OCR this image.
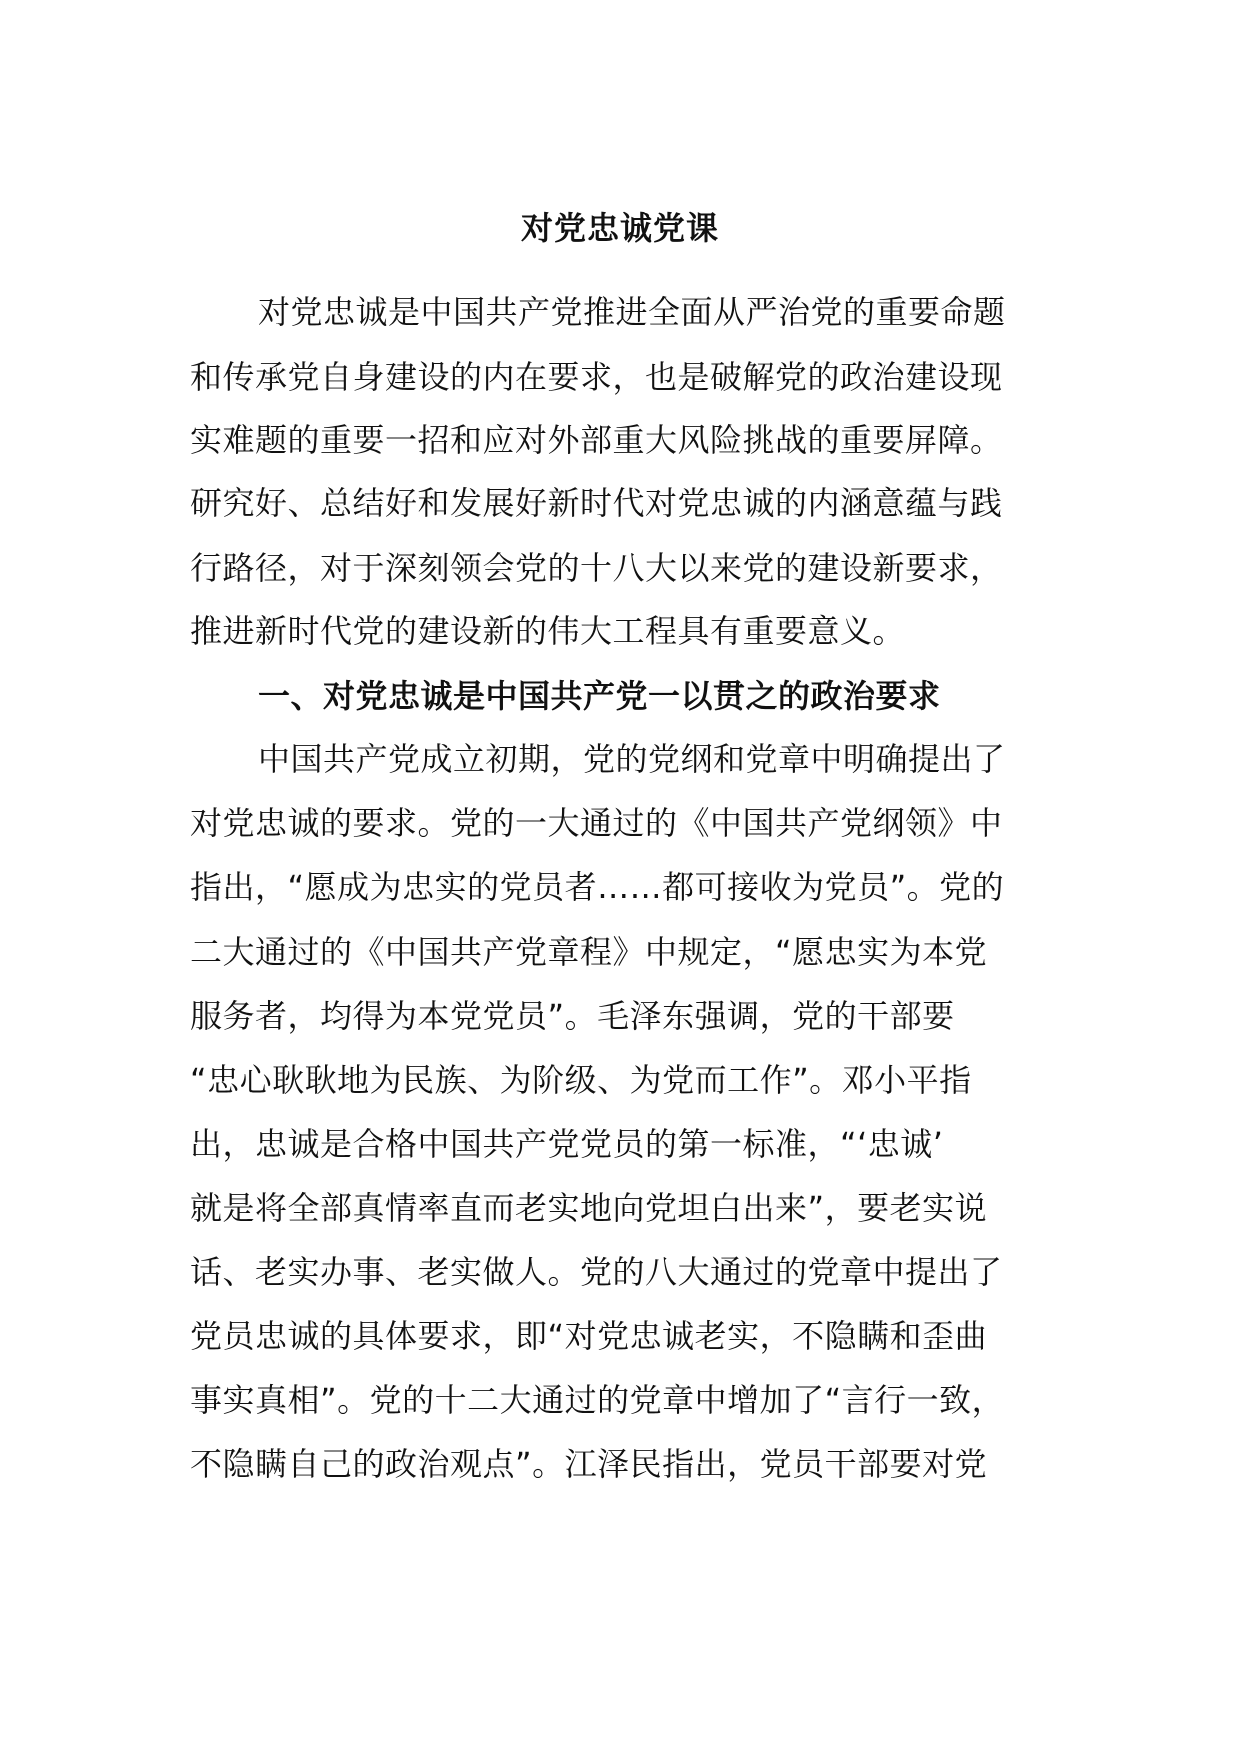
对党忠诚党课
对党忠诚是中国共产党推进全面从严治党的重要命题
和传承党自身建设的内在要求，也是破解党的政治建设现
实难题的重要一招和应对外部重大风险挑战的重要屏障。
研究好、总结好和发展好新时代对党忠诚的内涵意蕴与践
行路径，对于深刻领会党的十八大以来党的建设新要求，
推进新时代党的建设新的伟大工程具有重要意义。
一、对党忠诚是中国共产党一以贯之的政治要求
中国共产党成立初期，党的党纲和党章中明确提出了
对党忠诚的要求。党的一大通过的《中国共产党纲领》中
指出，“愿成为忠实的党员者……都可接收为党员”。党的
二大通过的《中国共产党章程》中规定，“愿忠实为本党
服务者，均得为本党党员”。毛泽东强调，党的干部要
“忠心耿耿地为民族、为阶级、为党而工作”。邓小平指
出，忠诚是合格中国共产党党员的第一标准，“‘忠诚’
就是将全部真情率直而老实地向党坦白出来”，要老实说
话、老实办事、老实做人。党的八大通过的党章中提出了
党员忠诚的具体要求，即“对党忠诚老实，不隐瞒和歪曲
事实真相”。党的十二大通过的党章中增加了“言行一致，
不隐瞒自己的政治观点”。江泽民指出，党员干部要对党
